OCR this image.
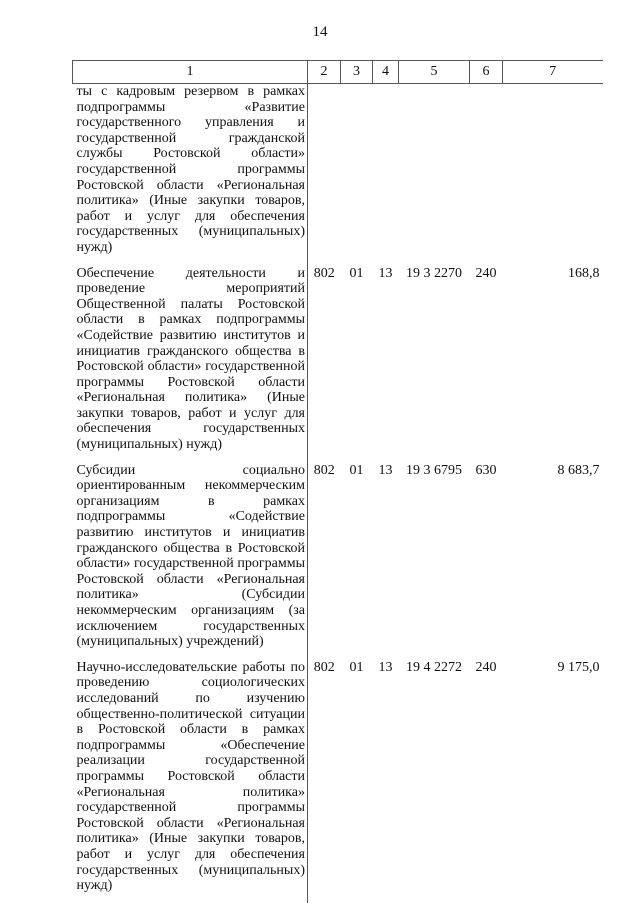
14
1	2	3	4	5	6	7
ты с кадровым резервом в рамках подпрограммы «Развитие государственного управления и государственной гражданской службы Ростовской области» государственной программы Ростовской области «Региональная политика» (Иные закупки товаров, работ и услуг для обеспечения государственных (муниципальных) нужд)						
Обеспечение деятельности и проведение мероприятий Общественной палаты Ростовской области в рамках подпрограммы «Содействие развитию институтов и инициатив гражданского общества в Ростовской области» государственной программы Ростовской области «Региональная политика» (Иные закупки товаров, работ и услуг для обеспечения государственных (муниципальных) нужд)	802	01	13	19 3 2270	240	168,8
Субсидии социально ориентированным некоммерческим организациям в рамках подпрограммы «Содействие развитию институтов и инициатив гражданского общества в Ростовской области» государственной программы Ростовской области «Региональная политика» (Субсидии некоммерческим организациям (за исключением государственных (муниципальных) учреждений)	802	01	13	19 3 6795	630	8 683,7
Научно-исследовательские работы по проведению социологических исследований по изучению общественно-политической ситуации в Ростовской области в рамках подпрограммы «Обеспечение реализации государственной программы Ростовской области «Региональная политика» государственной программы Ростовской области «Региональная политика» (Иные закупки товаров, работ и услуг для обеспечения государственных (муниципальных) нужд)	802	01	13	19 4 2272	240	9 175,0
